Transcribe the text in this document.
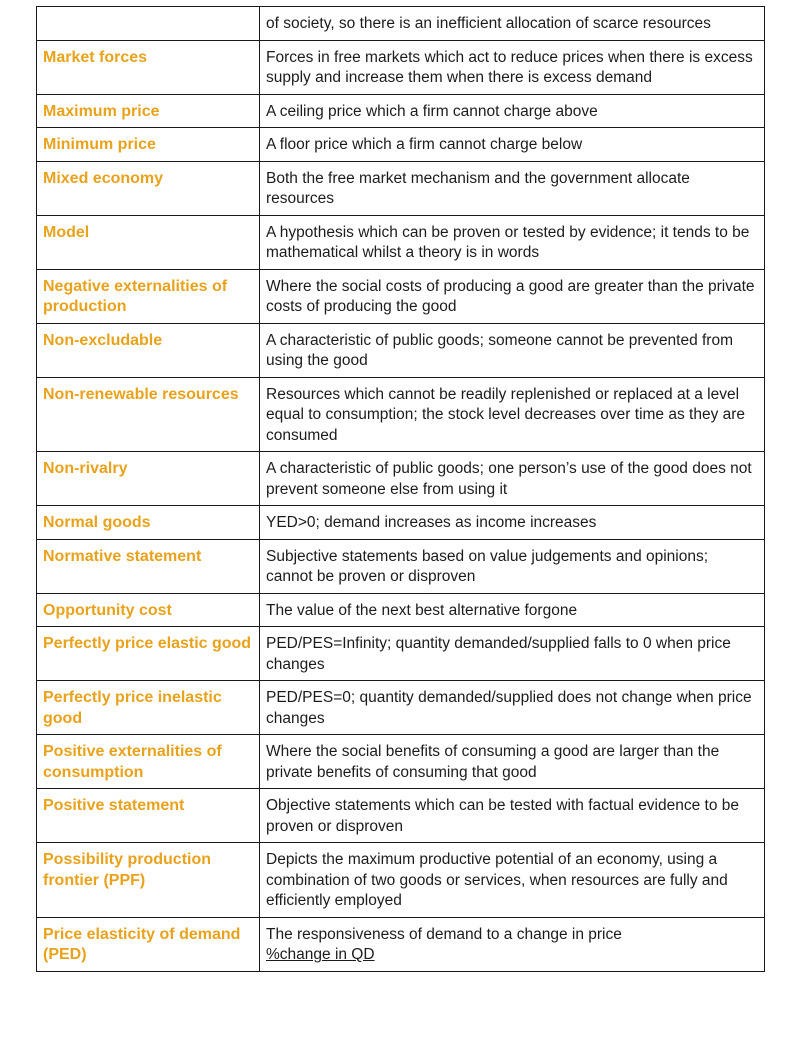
	of society, so there is an inefficient allocation of scarce resources
Market forces	Forces in free markets which act to reduce prices when there is excess supply and increase them when there is excess demand
Maximum price	A ceiling price which a firm cannot charge above
Minimum price	A floor price which a firm cannot charge below
Mixed economy	Both the free market mechanism and the government allocate resources
Model	A hypothesis which can be proven or tested by evidence; it tends to be mathematical whilst a theory is in words
Negative externalities of production	Where the social costs of producing a good are greater than the private costs of producing the good
Non-excludable	A characteristic of public goods; someone cannot be prevented from using the good
Non-renewable resources	Resources which cannot be readily replenished or replaced at a level equal to consumption; the stock level decreases over time as they are consumed
Non-rivalry	A characteristic of public goods; one person’s use of the good does not prevent someone else from using it
Normal goods	YED>0; demand increases as income increases
Normative statement	Subjective statements based on value judgements and opinions; cannot be proven or disproven
Opportunity cost	The value of the next best alternative forgone
Perfectly price elastic good	PED/PES=Infinity; quantity demanded/supplied falls to 0 when price changes
Perfectly price inelastic good	PED/PES=0; quantity demanded/supplied does not change when price changes
Positive externalities of consumption	Where the social benefits of consuming a good are larger than the private benefits of consuming that good
Positive statement	Objective statements which can be tested with factual evidence to be proven or disproven
Possibility production frontier (PPF)	Depicts the maximum productive potential of an economy, using a combination of two goods or services, when resources are fully and efficiently employed
Price elasticity of demand (PED)	The responsiveness of demand to a change in price
%change in QD
